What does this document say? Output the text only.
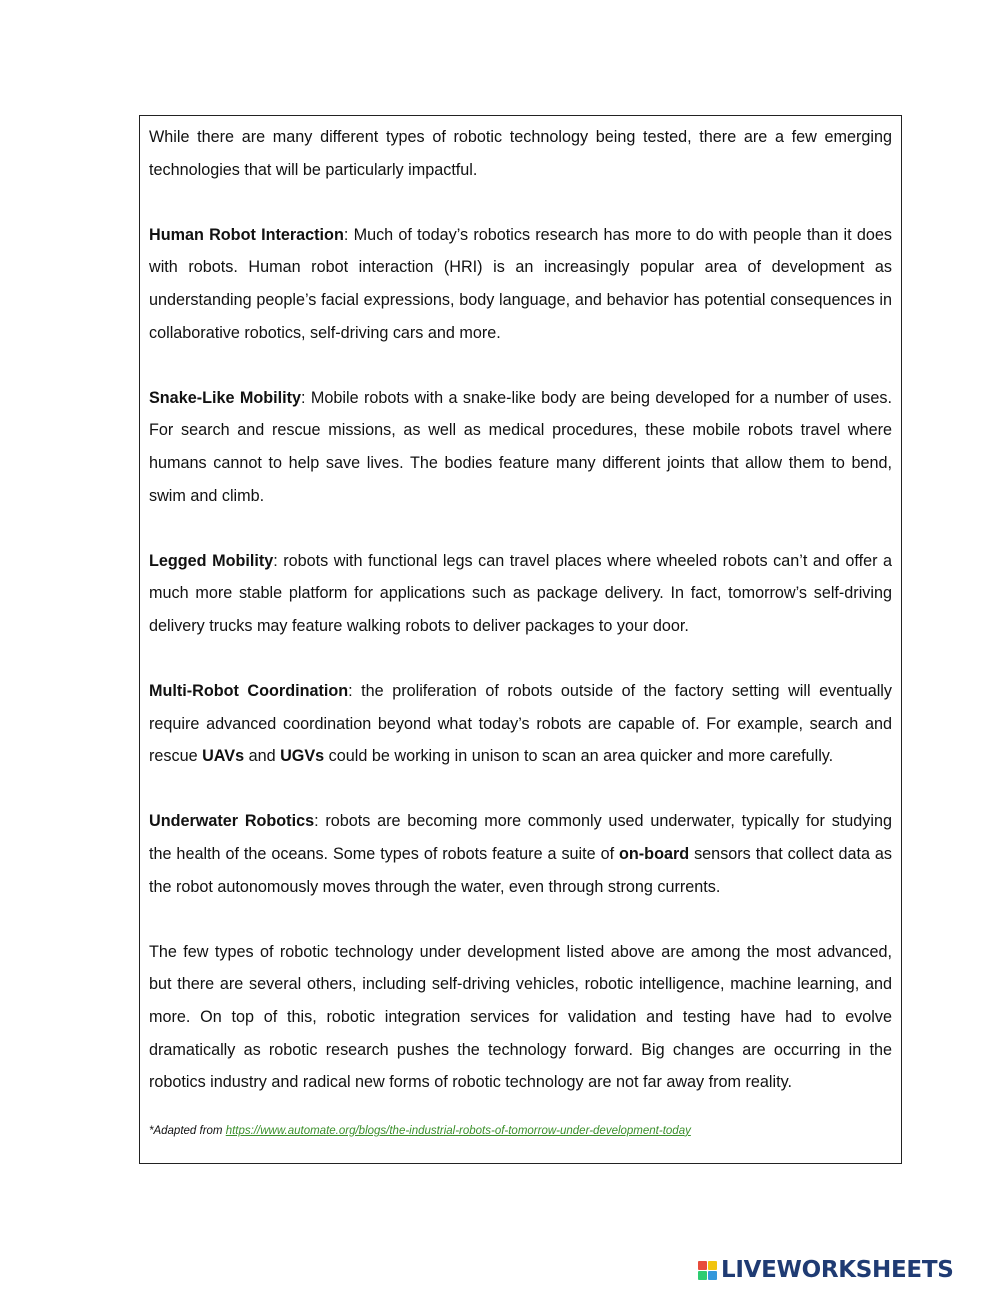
While there are many different types of robotic technology being tested, there are a few emerging technologies that will be particularly impactful.

Human Robot Interaction: Much of today’s robotics research has more to do with people than it does with robots. Human robot interaction (HRI) is an increasingly popular area of development as understanding people’s facial expressions, body language, and behavior has potential consequences in collaborative robotics, self-driving cars and more.

Snake-Like Mobility: Mobile robots with a snake-like body are being developed for a number of uses. For search and rescue missions, as well as medical procedures, these mobile robots travel where humans cannot to help save lives. The bodies feature many different joints that allow them to bend, swim and climb.

Legged Mobility: robots with functional legs can travel places where wheeled robots can’t and offer a much more stable platform for applications such as package delivery. In fact, tomorrow’s self-driving delivery trucks may feature walking robots to deliver packages to your door.

Multi-Robot Coordination: the proliferation of robots outside of the factory setting will eventually require advanced coordination beyond what today’s robots are capable of. For example, search and rescue UAVs and UGVs could be working in unison to scan an area quicker and more carefully.

Underwater Robotics: robots are becoming more commonly used underwater, typically for studying the health of the oceans. Some types of robots feature a suite of on-board sensors that collect data as the robot autonomously moves through the water, even through strong currents.

The few types of robotic technology under development listed above are among the most advanced, but there are several others, including self-driving vehicles, robotic intelligence, machine learning, and more. On top of this, robotic integration services for validation and testing have had to evolve dramatically as robotic research pushes the technology forward. Big changes are occurring in the robotics industry and radical new forms of robotic technology are not far away from reality.

*Adapted from https://www.automate.org/blogs/the-industrial-robots-of-tomorrow-under-development-today

LIVEWORKSHEETS
